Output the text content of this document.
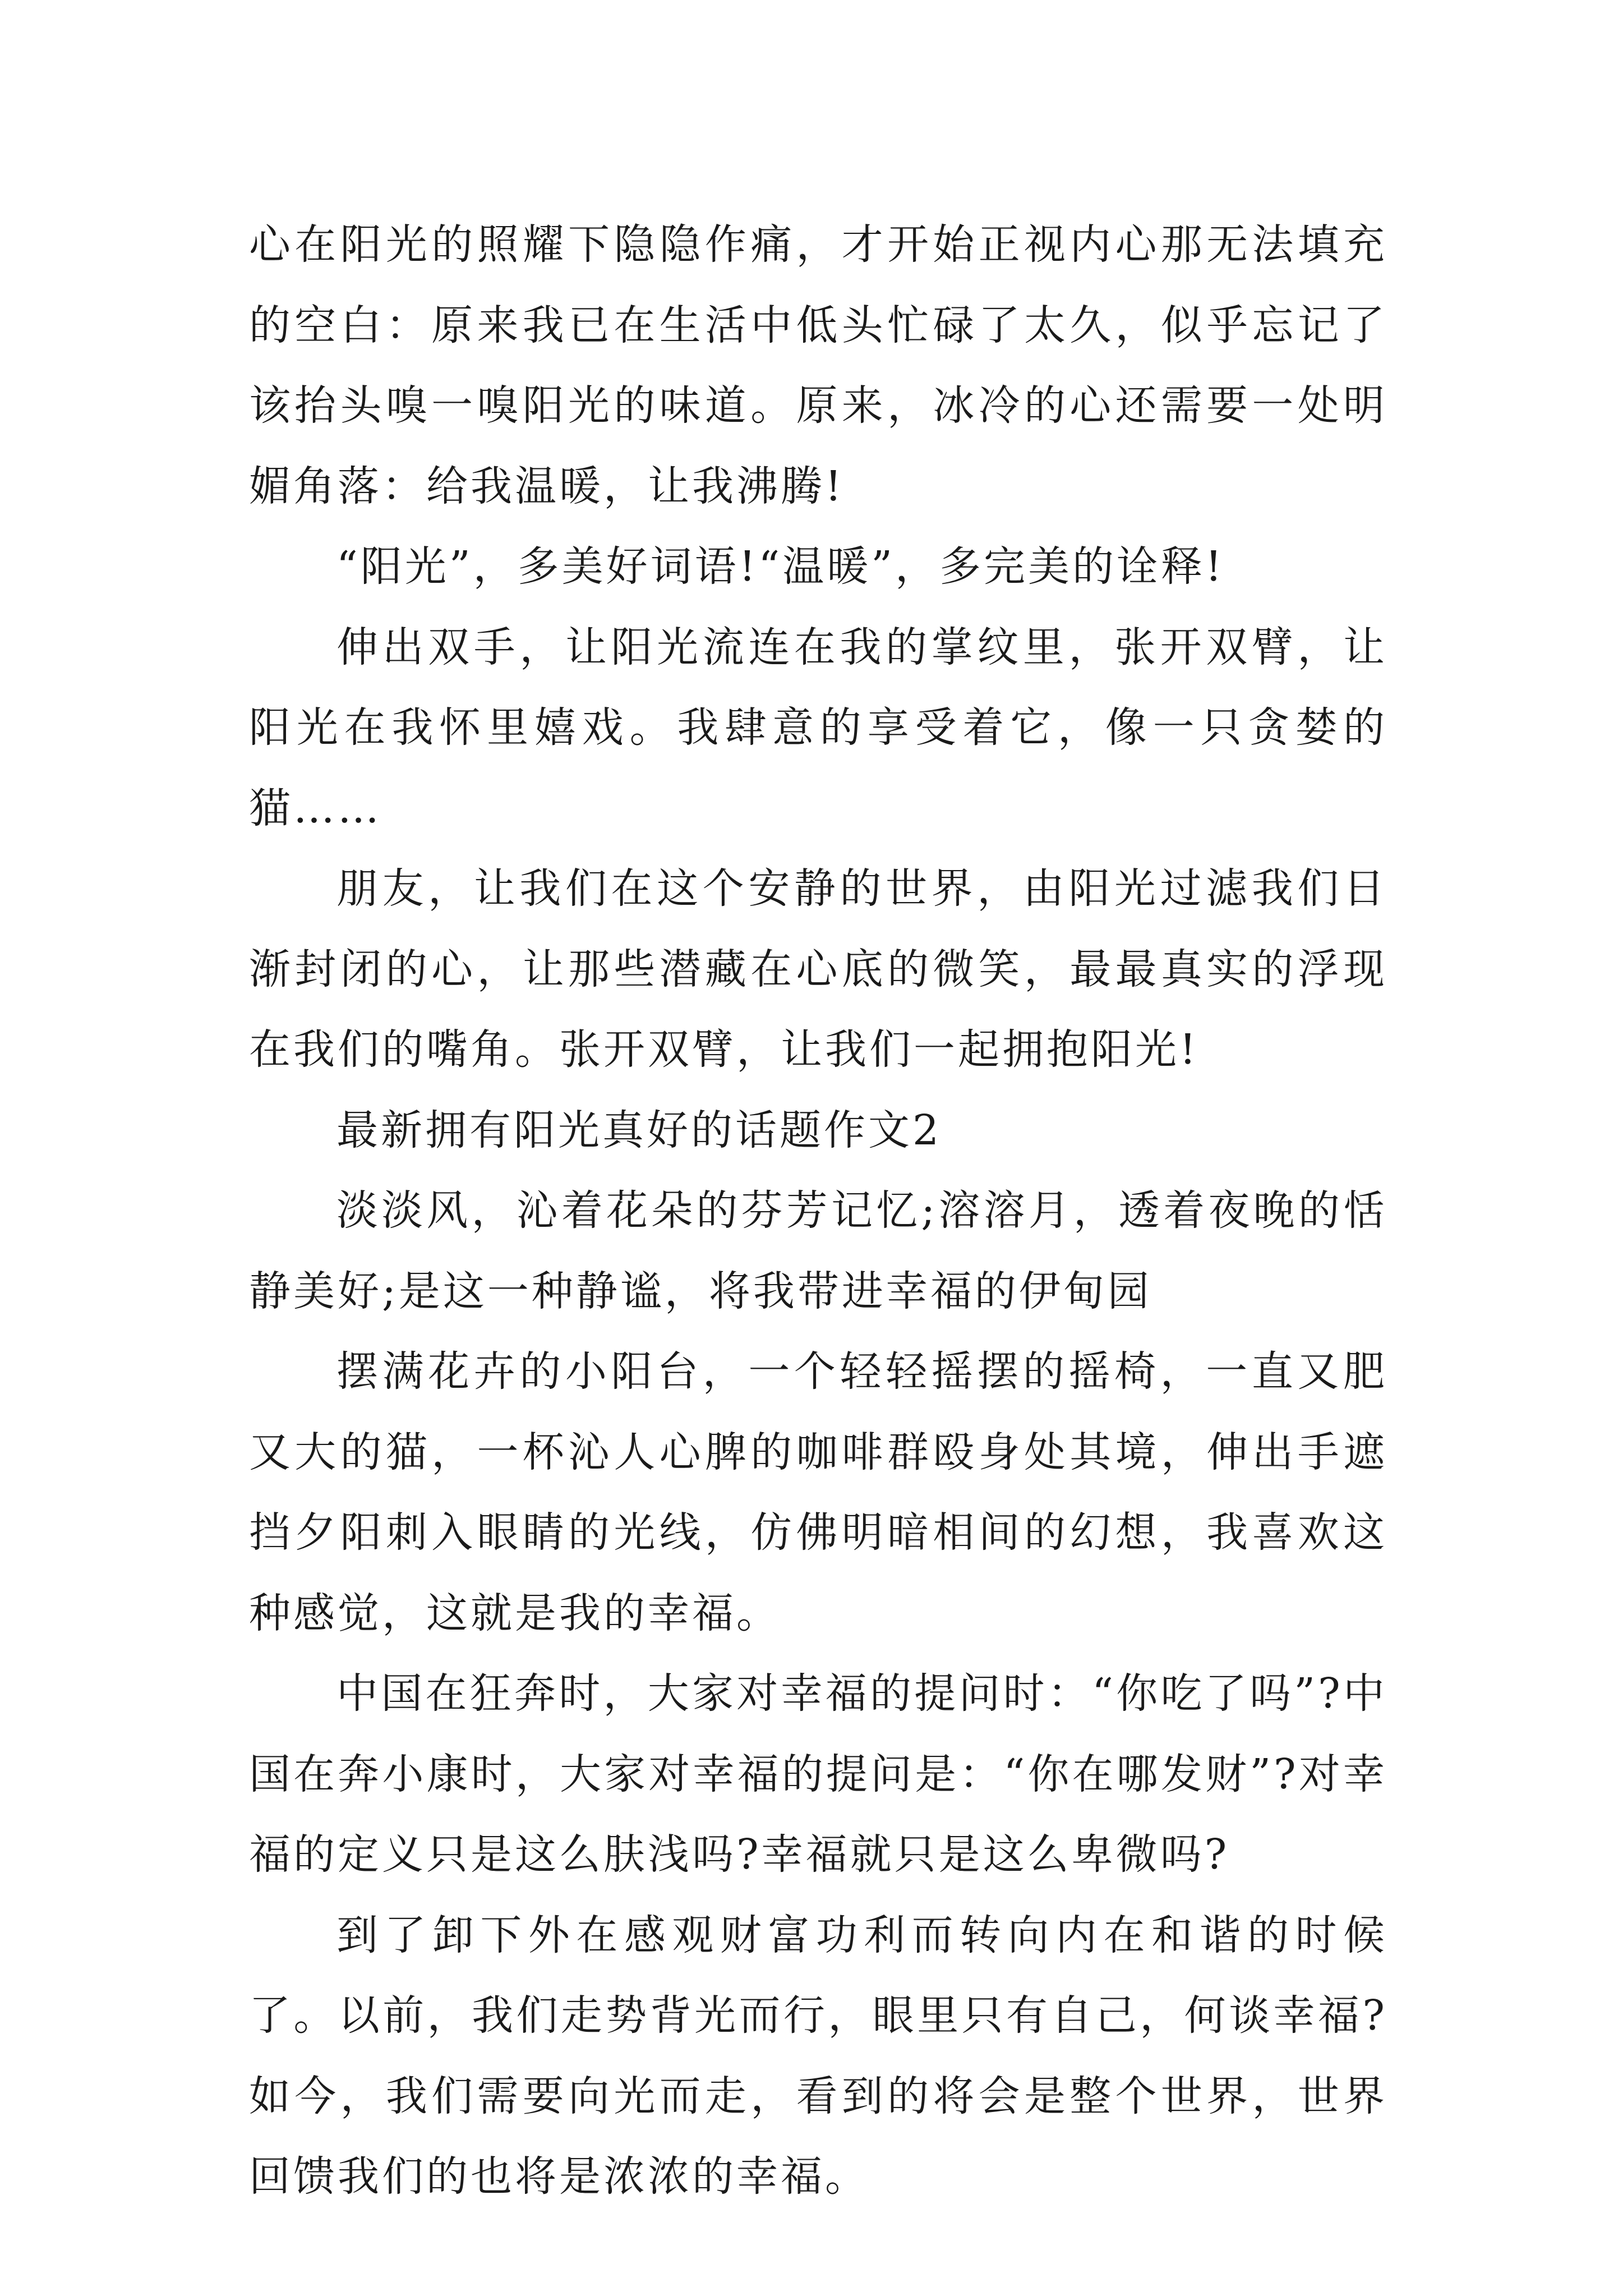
心在阳光的照耀下隐隐作痛，才开始正视内心那无法填充的空白：原来我已在生活中低头忙碌了太久，似乎忘记了该抬头嗅一嗅阳光的味道。原来，冰冷的心还需要一处明媚角落：给我温暖，让我沸腾!

“阳光”，多美好词语!“温暖”，多完美的诠释!

伸出双手，让阳光流连在我的掌纹里，张开双臂，让阳光在我怀里嬉戏。我肆意的享受着它，像一只贪婪的猫……

朋友，让我们在这个安静的世界，由阳光过滤我们日渐封闭的心，让那些潜藏在心底的微笑，最最真实的浮现在我们的嘴角。张开双臂，让我们一起拥抱阳光!

最新拥有阳光真好的话题作文2

淡淡风，沁着花朵的芬芳记忆;溶溶月，透着夜晚的恬静美好;是这一种静谧，将我带进幸福的伊甸园

摆满花卉的小阳台，一个轻轻摇摆的摇椅，一直又肥又大的猫，一杯沁人心脾的咖啡群殴身处其境，伸出手遮挡夕阳刺入眼睛的光线，仿佛明暗相间的幻想，我喜欢这种感觉，这就是我的幸福。

中国在狂奔时，大家对幸福的提问时：“你吃了吗”?中国在奔小康时，大家对幸福的提问是：“你在哪发财”?对幸福的定义只是这么肤浅吗?幸福就只是这么卑微吗?

到了卸下外在感观财富功利而转向内在和谐的时候了。以前，我们走势背光而行，眼里只有自己，何谈幸福?如今，我们需要向光而走，看到的将会是整个世界，世界回馈我们的也将是浓浓的幸福。
